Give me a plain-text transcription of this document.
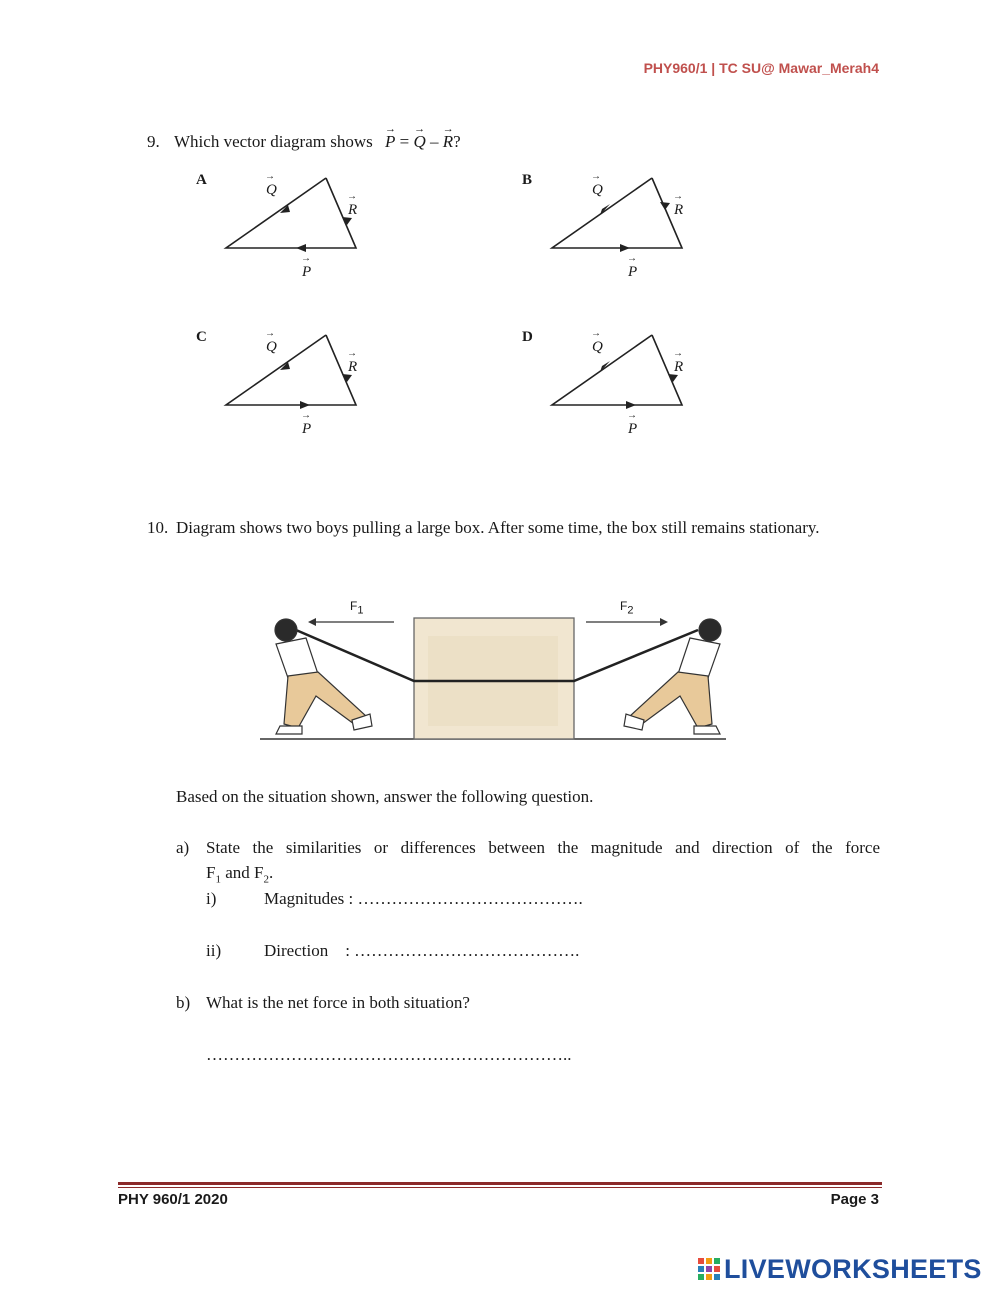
PHY960/1 | TC SU@ Mawar_Merah4
9. Which vector diagram shows → P = → Q – → R?
A
→ Q
→ R
→ P
B
→ Q
→ R
→ P
C
→ Q
→ R
→ P
D
→ Q
→ R
→ P
10. Diagram shows two boys pulling a large box. After some time, the box still remains stationary.
$F_1$	$F_2$
Based on the situation shown, answer the following question.
a) State the similarities or differences between the magnitude and direction of the force
$F_1$ and $F_2$.
i)	Magnitudes : ………………………………….
ii)	Direction    : ………………………………….
b) What is the net force in both situation?
………………………………………………………..
PHY 960/1 2020	Page 3
LIVEWORKSHEETS
